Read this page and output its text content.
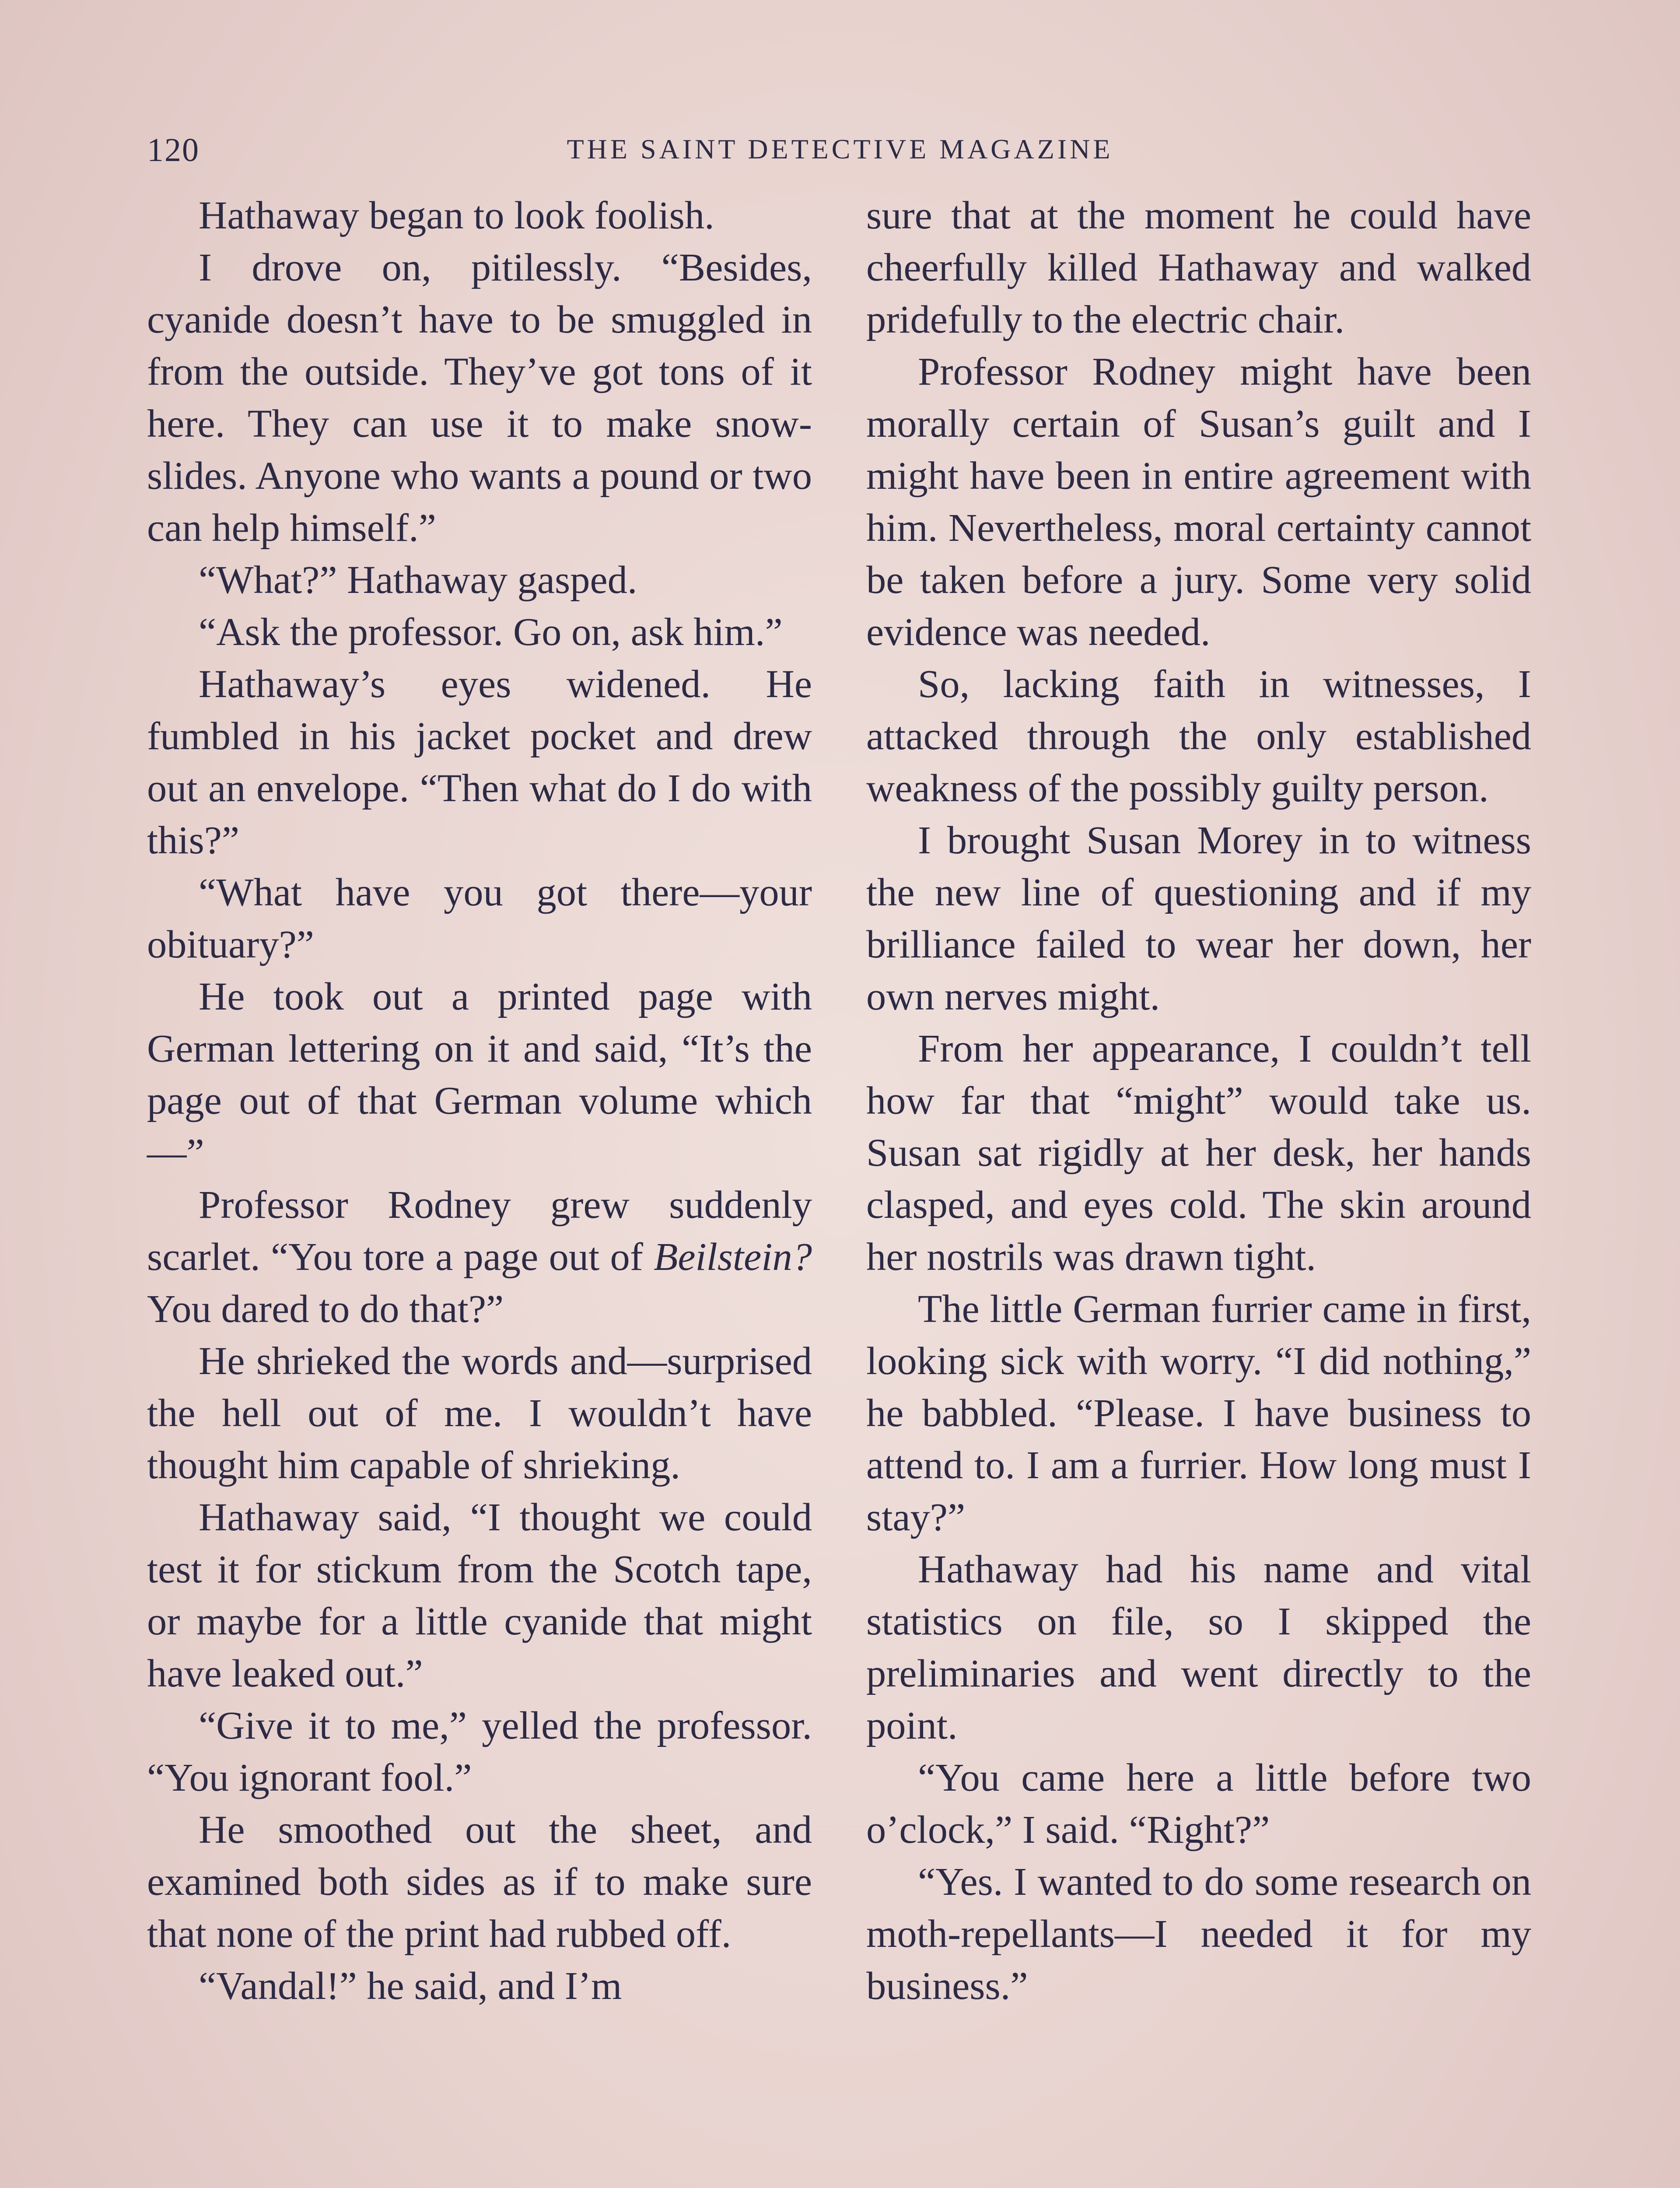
120	THE SAINT DETECTIVE MAGAZINE

Hathaway began to look foolish.

I drove on, pitilessly. “Besides, cyanide doesn’t have to be smuggled in from the outside. They’ve got tons of it here. They can use it to make snow-slides. Anyone who wants a pound or two can help himself.”

“What?” Hathaway gasped.

“Ask the professor. Go on, ask him.”

Hathaway’s eyes widened. He fumbled in his jacket pocket and drew out an envelope. “Then what do I do with this?”

“What have you got there—your obituary?”

He took out a printed page with German lettering on it and said, “It’s the page out of that German volume which—”

Professor Rodney grew suddenly scarlet. “You tore a page out of Beilstein? You dared to do that?”

He shrieked the words and—surprised the hell out of me. I wouldn’t have thought him capable of shrieking.

Hathaway said, “I thought we could test it for stickum from the Scotch tape, or maybe for a little cyanide that might have leaked out.”

“Give it to me,” yelled the professor. “You ignorant fool.”

He smoothed out the sheet, and examined both sides as if to make sure that none of the print had rubbed off.

“Vandal!” he said, and I’m

sure that at the moment he could have cheerfully killed Hathaway and walked pridefully to the electric chair.

Professor Rodney might have been morally certain of Susan’s guilt and I might have been in entire agreement with him. Nevertheless, moral certainty cannot be taken before a jury. Some very solid evidence was needed.

So, lacking faith in witnesses, I attacked through the only established weakness of the possibly guilty person.

I brought Susan Morey in to witness the new line of questioning and if my brilliance failed to wear her down, her own nerves might.

From her appearance, I couldn’t tell how far that “might” would take us. Susan sat rigidly at her desk, her hands clasped, and eyes cold. The skin around her nostrils was drawn tight.

The little German furrier came in first, looking sick with worry. “I did nothing,” he babbled. “Please. I have business to attend to. I am a furrier. How long must I stay?”

Hathaway had his name and vital statistics on file, so I skipped the preliminaries and went directly to the point.

“You came here a little before two o’clock,” I said. “Right?”

“Yes. I wanted to do some research on moth-repellants—I needed it for my business.”
